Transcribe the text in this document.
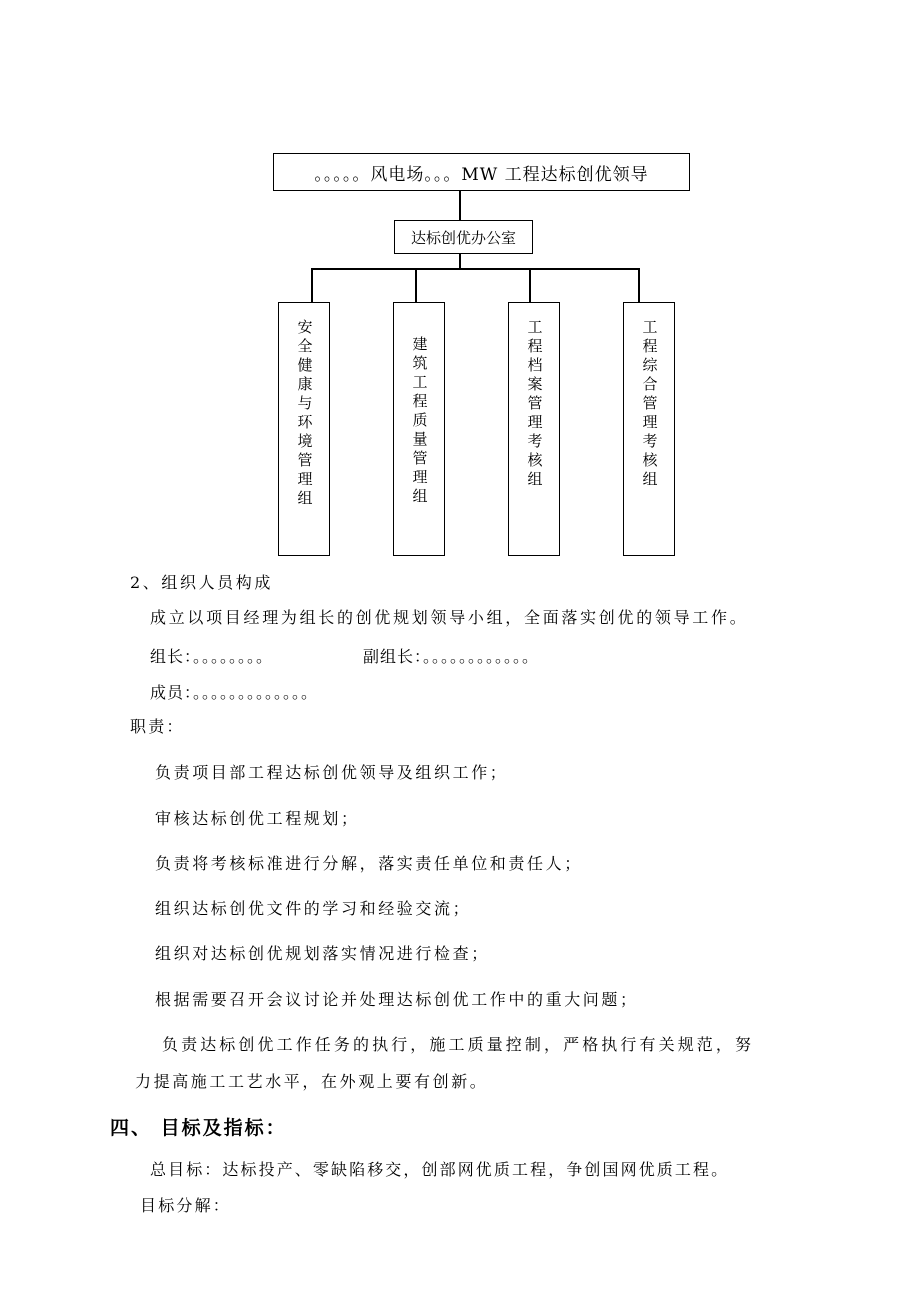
。。。。。风电场。。。MW 工程达标创优领导
达标创优办公室
安全健康与环境管理组	建筑工程质量管理组	工程档案管理考核组	工程综合管理考核组
2、组织人员构成
成立以项目经理为组长的创优规划领导小组，全面落实创优的领导工作。
组长：。。。。。。。。	副组长：。。。。。。。。。。。。
成员：。。。。。。。。。。。。。
职责：
负责项目部工程达标创优领导及组织工作；
审核达标创优工程规划；
负责将考核标准进行分解，落实责任单位和责任人；
组织达标创优文件的学习和经验交流；
组织对达标创优规划落实情况进行检查；
根据需要召开会议讨论并处理达标创优工作中的重大问题；
负责达标创优工作任务的执行，施工质量控制，严格执行有关规范，努
力提高施工工艺水平，在外观上要有创新。
四、 目标及指标：
总目标：达标投产、零缺陷移交，创部网优质工程，争创国网优质工程。
目标分解：
